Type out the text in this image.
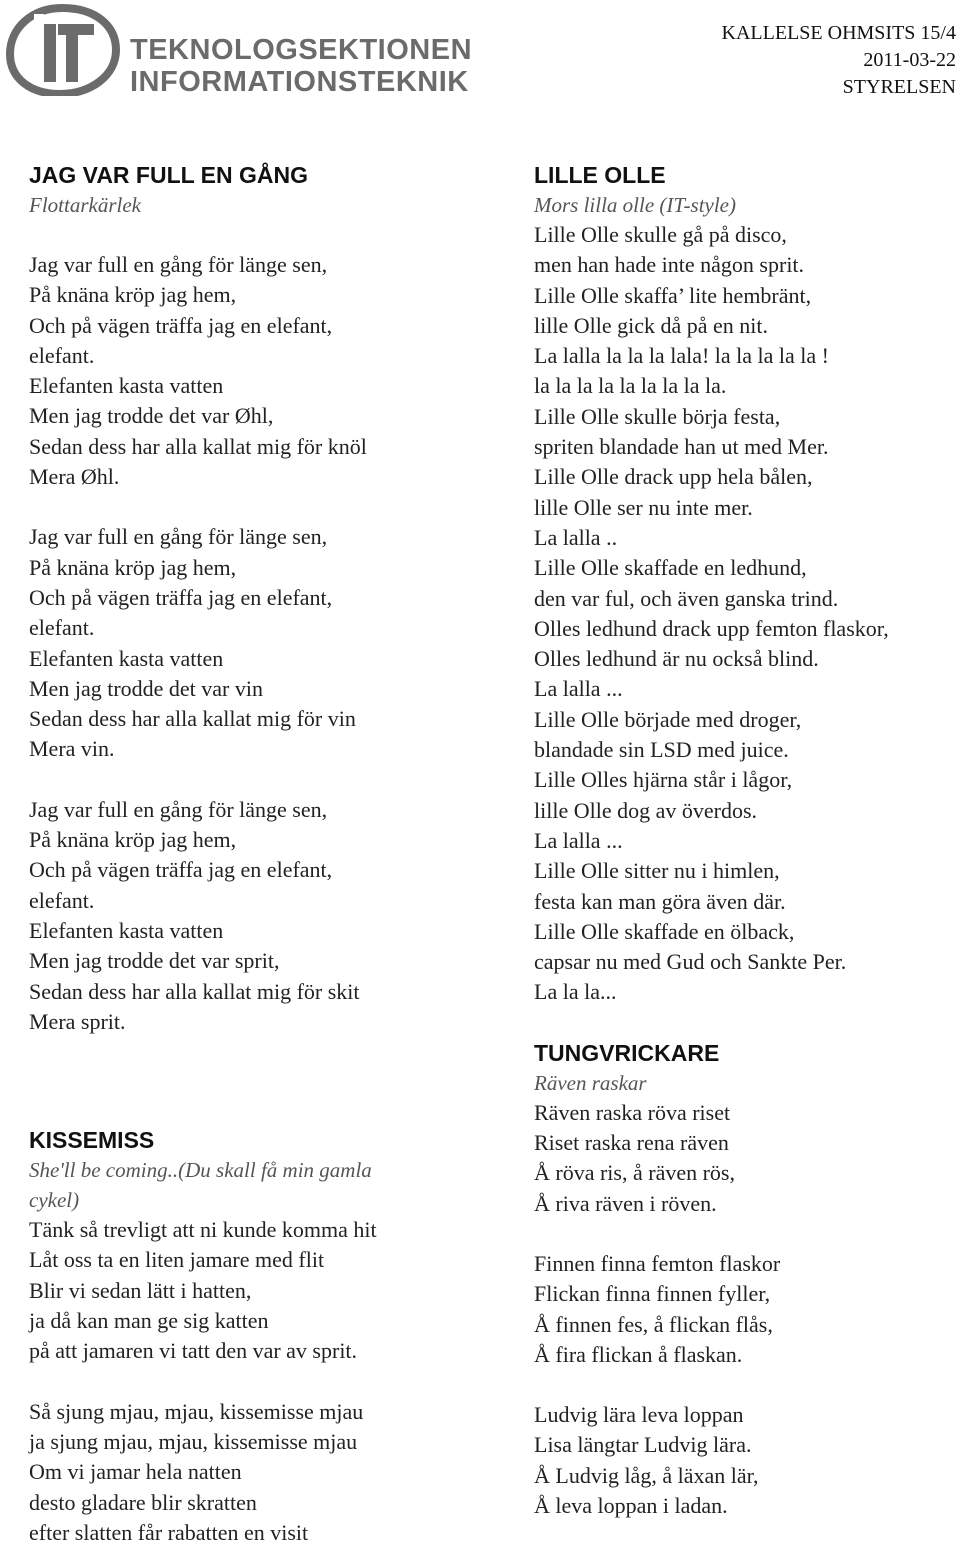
TEKNOLOGSEKTIONEN
INFORMATIONSTEKNIK
KALLELSE OHMSITS 15/4
2011-03-22
STYRELSEN
JAG VAR FULL EN GÅNG
Flottarkärlek

Jag var full en gång för länge sen,

På knäna kröp jag hem,

Och på vägen träffa jag en elefant,

elefant.

Elefanten kasta vatten

Men jag trodde det var Øhl,

Sedan dess har alla kallat mig för knöl

Mera Øhl.

Jag var full en gång för länge sen,

På knäna kröp jag hem,

Och på vägen träffa jag en elefant,

elefant.

Elefanten kasta vatten

Men jag trodde det var vin

Sedan dess har alla kallat mig för vin

Mera vin.

Jag var full en gång för länge sen,

På knäna kröp jag hem,

Och på vägen träffa jag en elefant,

elefant.

Elefanten kasta vatten

Men jag trodde det var sprit,

Sedan dess har alla kallat mig för skit

Mera sprit.

KISSEMISS
She'll be coming..(Du skall få min gamla
cykel)

Tänk så trevligt att ni kunde komma hit

Låt oss ta en liten jamare med flit

Blir vi sedan lätt i hatten,

ja då kan man ge sig katten

på att jamaren vi tatt den var av sprit.

Så sjung mjau, mjau, kissemisse mjau

ja sjung mjau, mjau, kissemisse mjau

Om vi jamar hela natten

desto gladare blir skratten

efter slatten får rabatten en visit

LILLE OLLE
Mors lilla olle (IT-style)

Lille Olle skulle gå på disco,

men han hade inte någon sprit.

Lille Olle skaffa’ lite hembränt,

lille Olle gick då på en nit.

La lalla la la la lala! la la la la la !

la la la la la la la la la.

Lille Olle skulle börja festa,

spriten blandade han ut med Mer.

Lille Olle drack upp hela bålen,

lille Olle ser nu inte mer.

La lalla ..

Lille Olle skaffade en ledhund,

den var ful, och även ganska trind.

Olles ledhund drack upp femton flaskor,

Olles ledhund är nu också blind.

La lalla ...

Lille Olle började med droger,

blandade sin LSD med juice.

Lille Olles hjärna står i lågor,

lille Olle dog av överdos.

La lalla ...

Lille Olle sitter nu i himlen,

festa kan man göra även där.

Lille Olle skaffade en ölback,

capsar nu med Gud och Sankte Per.

La la la...

TUNGVRICKARE
Räven raskar

Räven raska röva riset

Riset raska rena räven

Å röva ris, å räven rös,

Å riva räven i röven.

Finnen finna femton flaskor

Flickan finna finnen fyller,

Å finnen fes, å flickan flås,

Å fira flickan å flaskan.

Ludvig lära leva loppan

Lisa längtar Ludvig lära.

Å Ludvig låg, å läxan lär,

Å leva loppan i ladan.
